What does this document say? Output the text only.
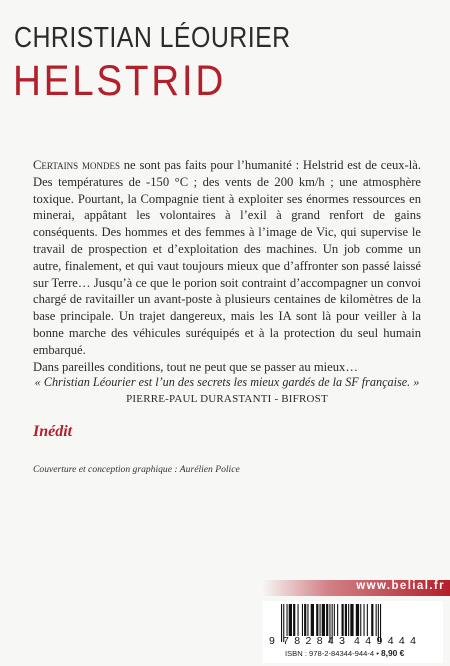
CHRISTIAN LÉOURIER
HELSTRID

Certains mondes ne sont pas faits pour l’humanité : Helstrid est de ceux-là. Des températures de -150 °C ; des vents de 200 km/h ; une atmosphère toxique. Pourtant, la Compagnie tient à exploiter ses énormes ressources en minerai, appâtant les volontaires à l’exil à grand renfort de gains conséquents. Des hommes et des femmes à l’image de Vic, qui supervise le travail de prospection et d’exploitation des machines. Un job comme un autre, finalement, et qui vaut toujours mieux que d’affronter son passé laissé sur Terre… Jusqu’à ce que le porion soit contraint d’accompagner un convoi chargé de ravitailler un avant-poste à plusieurs centaines de kilomètres de la base principale. Un trajet dangereux, mais les IA sont là pour veiller à la bonne marche des véhicules suréquipés et à la protection du seul humain embarqué.

Dans pareilles conditions, tout ne peut que se passer au mieux…

« Christian Léourier est l’un des secrets les mieux gardés de la SF française. »
PIERRE-PAUL DURASTANTI - BIFROST
Inédit
Couverture et conception graphique : Aurélien Police
www.belial.fr
9 782843 449444
ISBN : 978-2-84344-944-4 • 8,90 €
